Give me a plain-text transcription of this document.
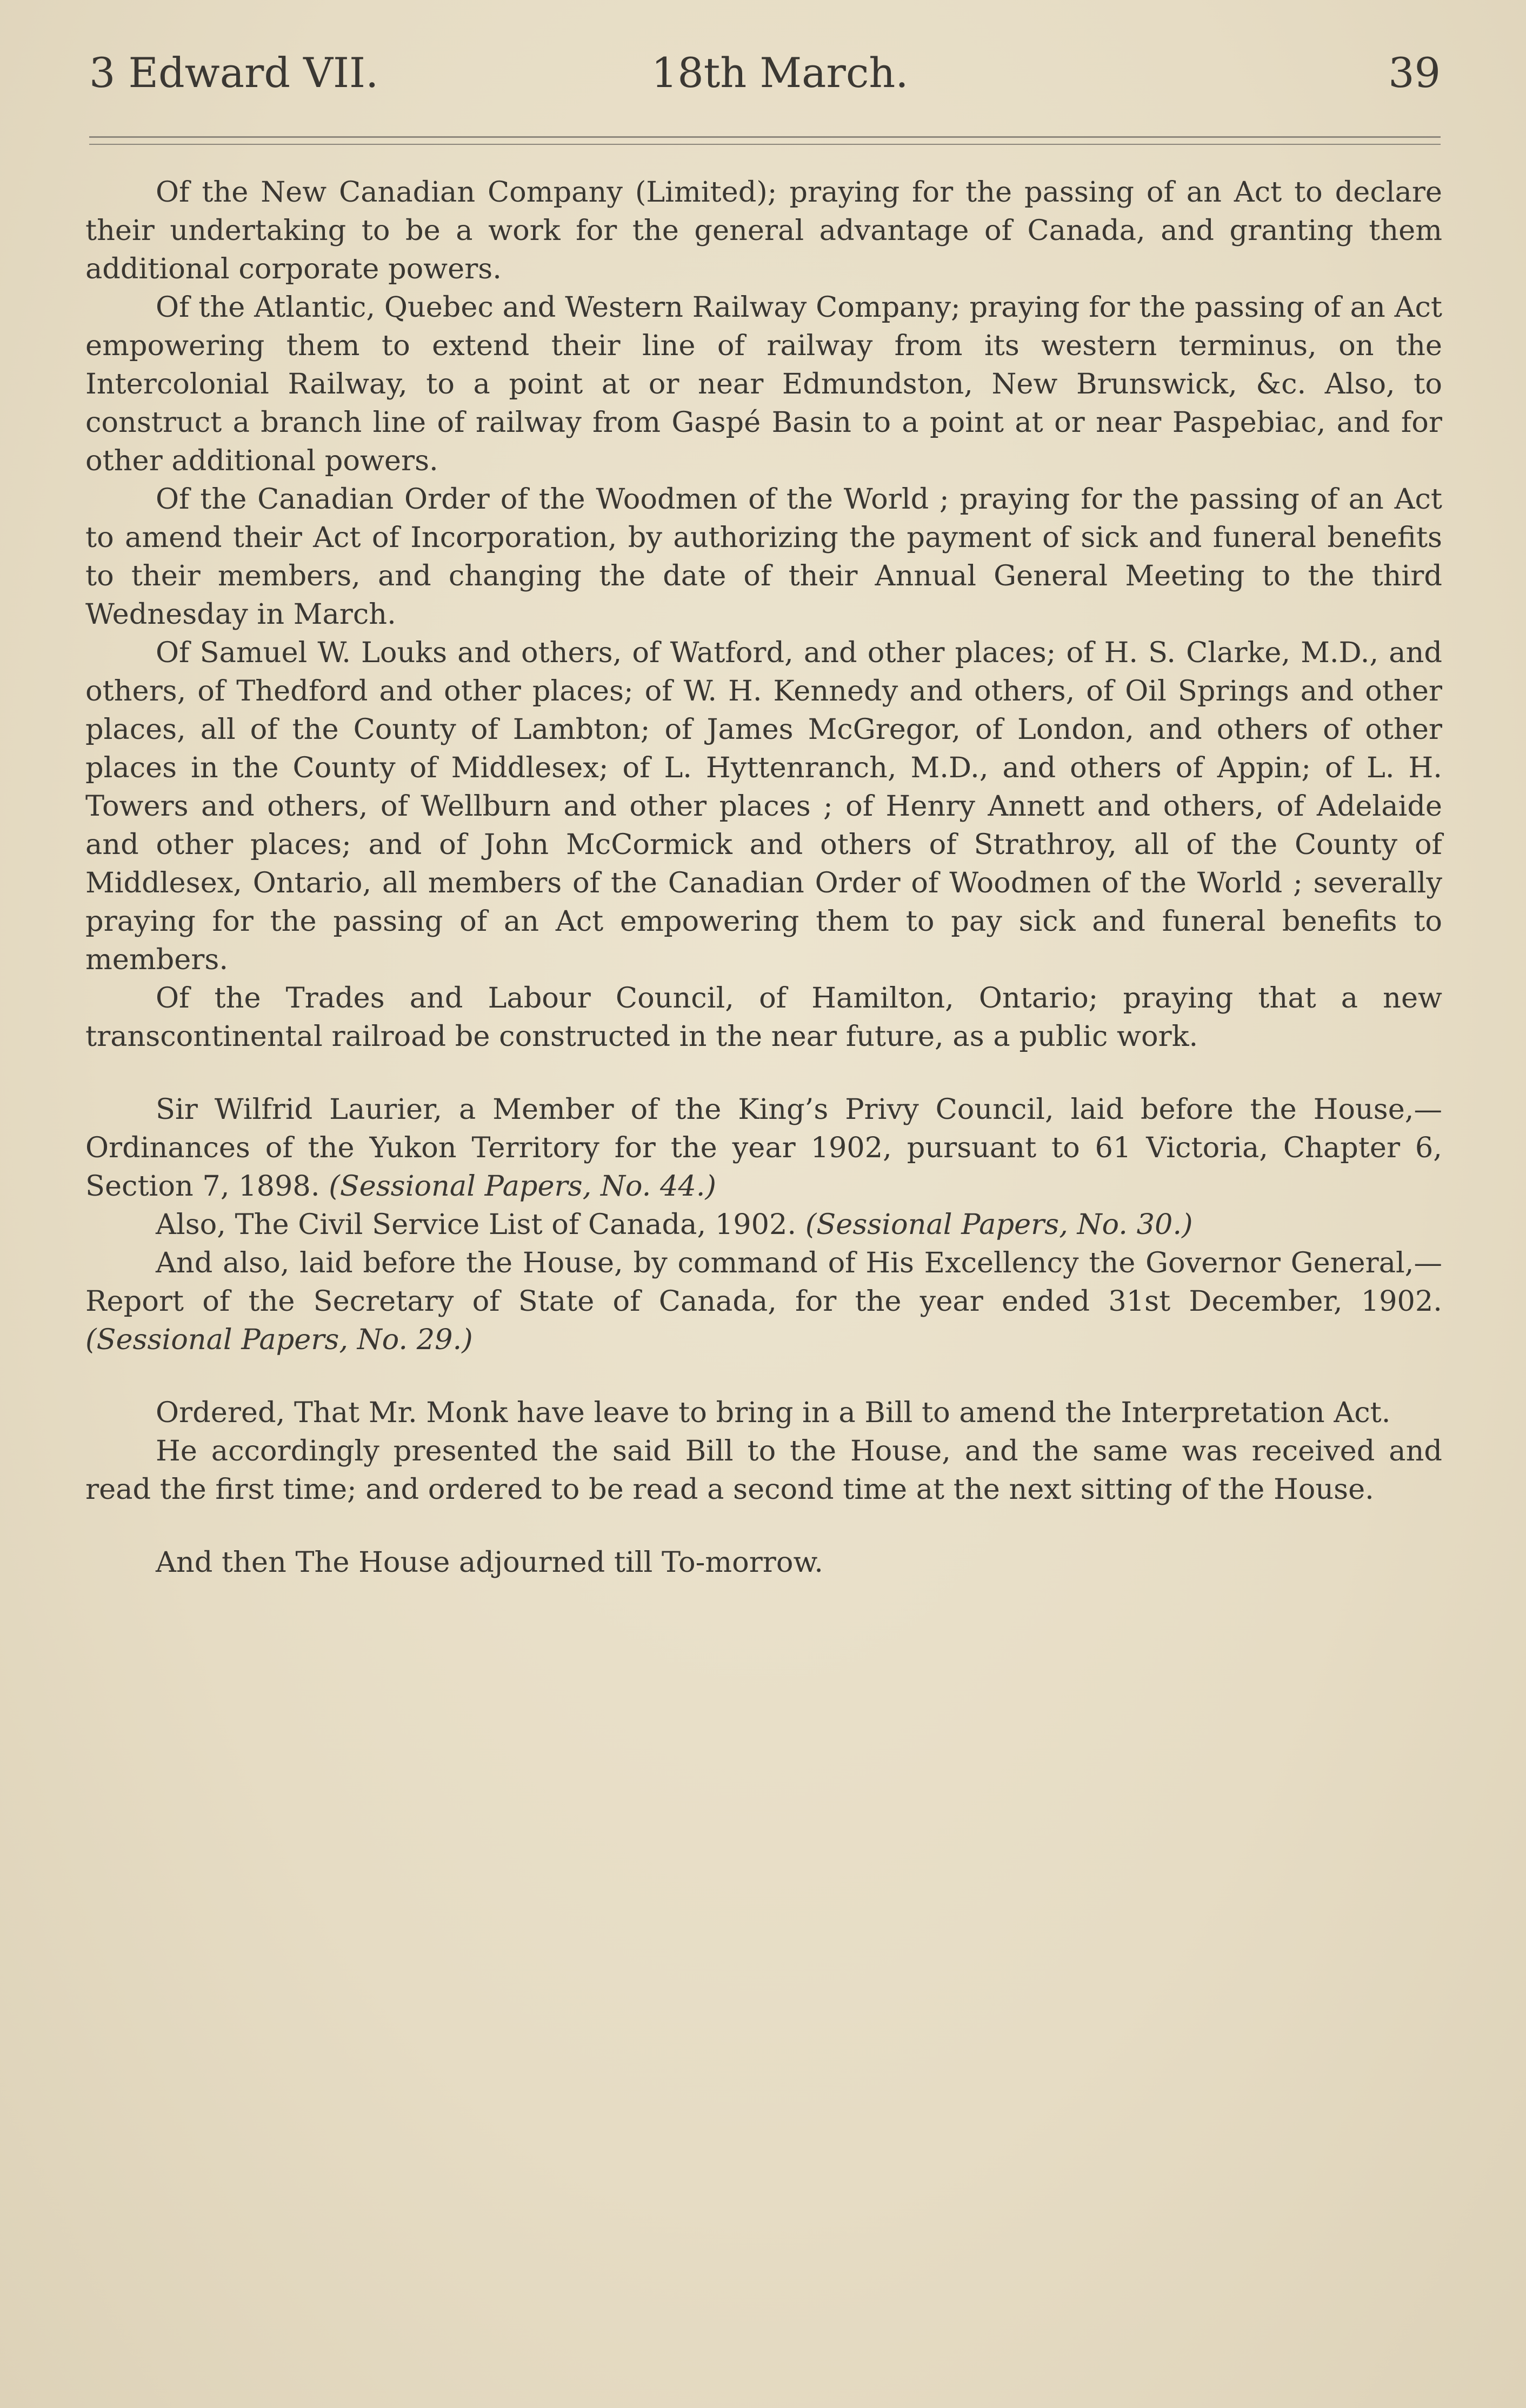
3 Edward VII.	18th March.	39

Of the New Canadian Company (Limited); praying for the passing of an Act to declare their undertaking to be a work for the general advantage of Canada, and granting them additional corporate powers.

Of the Atlantic, Quebec and Western Railway Company; praying for the passing of an Act empowering them to extend their line of railway from its western terminus, on the Intercolonial Railway, to a point at or near Edmundston, New Brunswick, &c. Also, to construct a branch line of railway from Gaspé Basin to a point at or near Paspebiac, and for other additional powers.

Of the Canadian Order of the Woodmen of the World ; praying for the passing of an Act to amend their Act of Incorporation, by authorizing the payment of sick and funeral benefits to their members, and changing the date of their Annual General Meeting to the third Wednesday in March.

Of Samuel W. Louks and others, of Watford, and other places; of H. S. Clarke, M.D., and others, of Thedford and other places; of W. H. Kennedy and others, of Oil Springs and other places, all of the County of Lambton; of James McGregor, of London, and others of other places in the County of Middlesex; of L. Hyttenranch, M.D., and others of Appin; of L. H. Towers and others, of Wellburn and other places ; of Henry Annett and others, of Adelaide and other places; and of John McCormick and others of Strathroy, all of the County of Middlesex, Ontario, all members of the Canadian Order of Woodmen of the World ; severally praying for the passing of an Act empowering them to pay sick and funeral benefits to members.

Of the Trades and Labour Council, of Hamilton, Ontario; praying that a new transcontinental railroad be constructed in the near future, as a public work.

Sir Wilfrid Laurier, a Member of the King’s Privy Council, laid before the House,—Ordinances of the Yukon Territory for the year 1902, pursuant to 61 Victoria, Chapter 6, Section 7, 1898. (Sessional Papers, No. 44.)

Also, The Civil Service List of Canada, 1902. (Sessional Papers, No. 30.)

And also, laid before the House, by command of His Excellency the Governor General,—Report of the Secretary of State of Canada, for the year ended 31st December, 1902. (Sessional Papers, No. 29.)

Ordered, That Mr. Monk have leave to bring in a Bill to amend the Interpretation Act.

He accordingly presented the said Bill to the House, and the same was received and read the first time; and ordered to be read a second time at the next sitting of the House.

And then The House adjourned till To-morrow.
